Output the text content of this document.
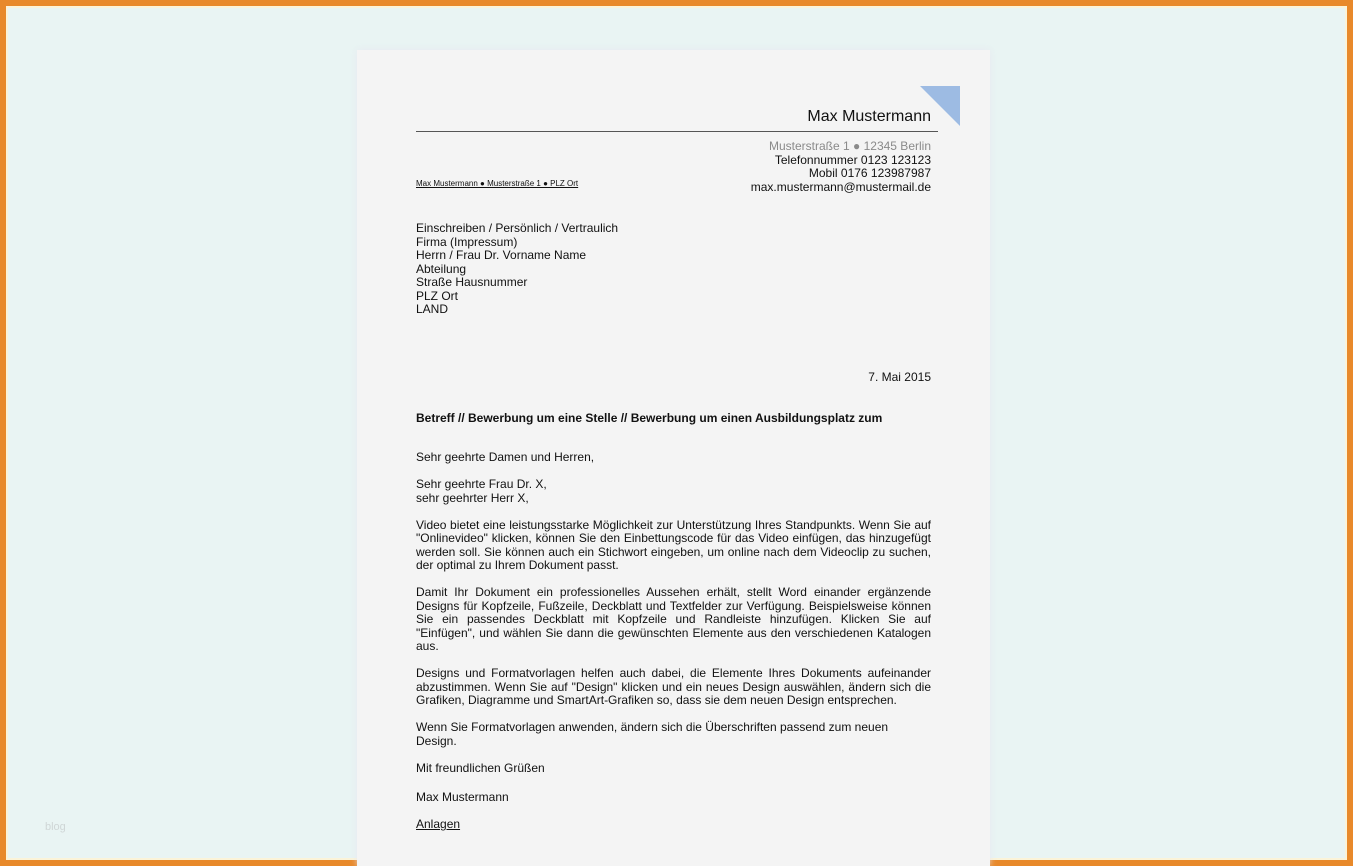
blog
Max Mustermann
Musterstraße 1 ● 12345 Berlin
Telefonnummer 0123 123123
Mobil 0176 123987987
max.mustermann@mustermail.de
Max Mustermann ● Musterstraße 1 ● PLZ Ort
Einschreiben / Persönlich / Vertraulich
Firma (Impressum)
Herrn / Frau Dr. Vorname Name
Abteilung
Straße Hausnummer
PLZ Ort
LAND
7. Mai 2015
Betreff // Bewerbung um eine Stelle // Bewerbung um einen Ausbildungsplatz zum

Sehr geehrte Damen und Herren,

Sehr geehrte Frau Dr. X,
sehr geehrter Herr X,

Video bietet eine leistungsstarke Möglichkeit zur Unterstützung Ihres Standpunkts. Wenn Sie auf "Onlinevideo" klicken, können Sie den Einbettungscode für das Video einfügen, das hinzugefügt werden soll. Sie können auch ein Stichwort eingeben, um online nach dem Videoclip zu suchen, der optimal zu Ihrem Dokument passt.

Damit Ihr Dokument ein professionelles Aussehen erhält, stellt Word einander ergänzende Designs für Kopfzeile, Fußzeile, Deckblatt und Textfelder zur Verfügung. Beispielsweise können Sie ein passendes Deckblatt mit Kopfzeile und Randleiste hinzufügen. Klicken Sie auf "Einfügen", und wählen Sie dann die gewünschten Elemente aus den verschiedenen Katalogen aus.

Designs und Formatvorlagen helfen auch dabei, die Elemente Ihres Dokuments aufeinander abzustimmen. Wenn Sie auf "Design" klicken und ein neues Design auswählen, ändern sich die Grafiken, Diagramme und SmartArt-Grafiken so, dass sie dem neuen Design entsprechen.

Wenn Sie Formatvorlagen anwenden, ändern sich die Überschriften passend zum neuen Design.

Mit freundlichen Grüßen

Max Mustermann
Anlagen
